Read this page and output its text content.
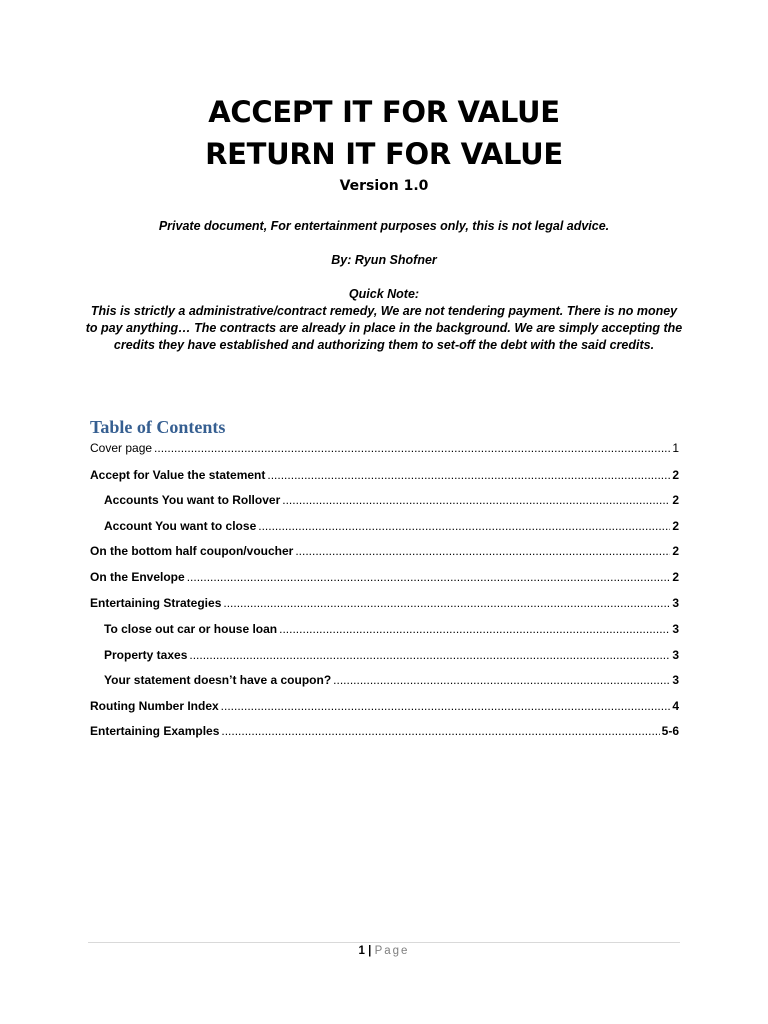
ACCEPT IT FOR VALUE
RETURN IT FOR VALUE
Version 1.0
Private document, For entertainment purposes only, this is not legal advice.
By: Ryun Shofner
Quick Note:
This is strictly a administrative/contract remedy, We are not tendering payment. There is no money to pay anything… The contracts are already in place in the background. We are simply accepting the credits they have established and authorizing them to set-off the debt with the said credits.
Table of Contents
Cover page .....	1
Accept for Value the statement .....	2
Accounts You want to Rollover .....	2
Account You want to close .....	2
On the bottom half coupon/voucher .....	2
On the Envelope .....	2
Entertaining Strategies .....	3
To close out car or house loan .....	3
Property taxes .....	3
Your statement doesn’t have a coupon? .....	3
Routing Number Index .....	4
Entertaining Examples .....	5-6
1 | Page
